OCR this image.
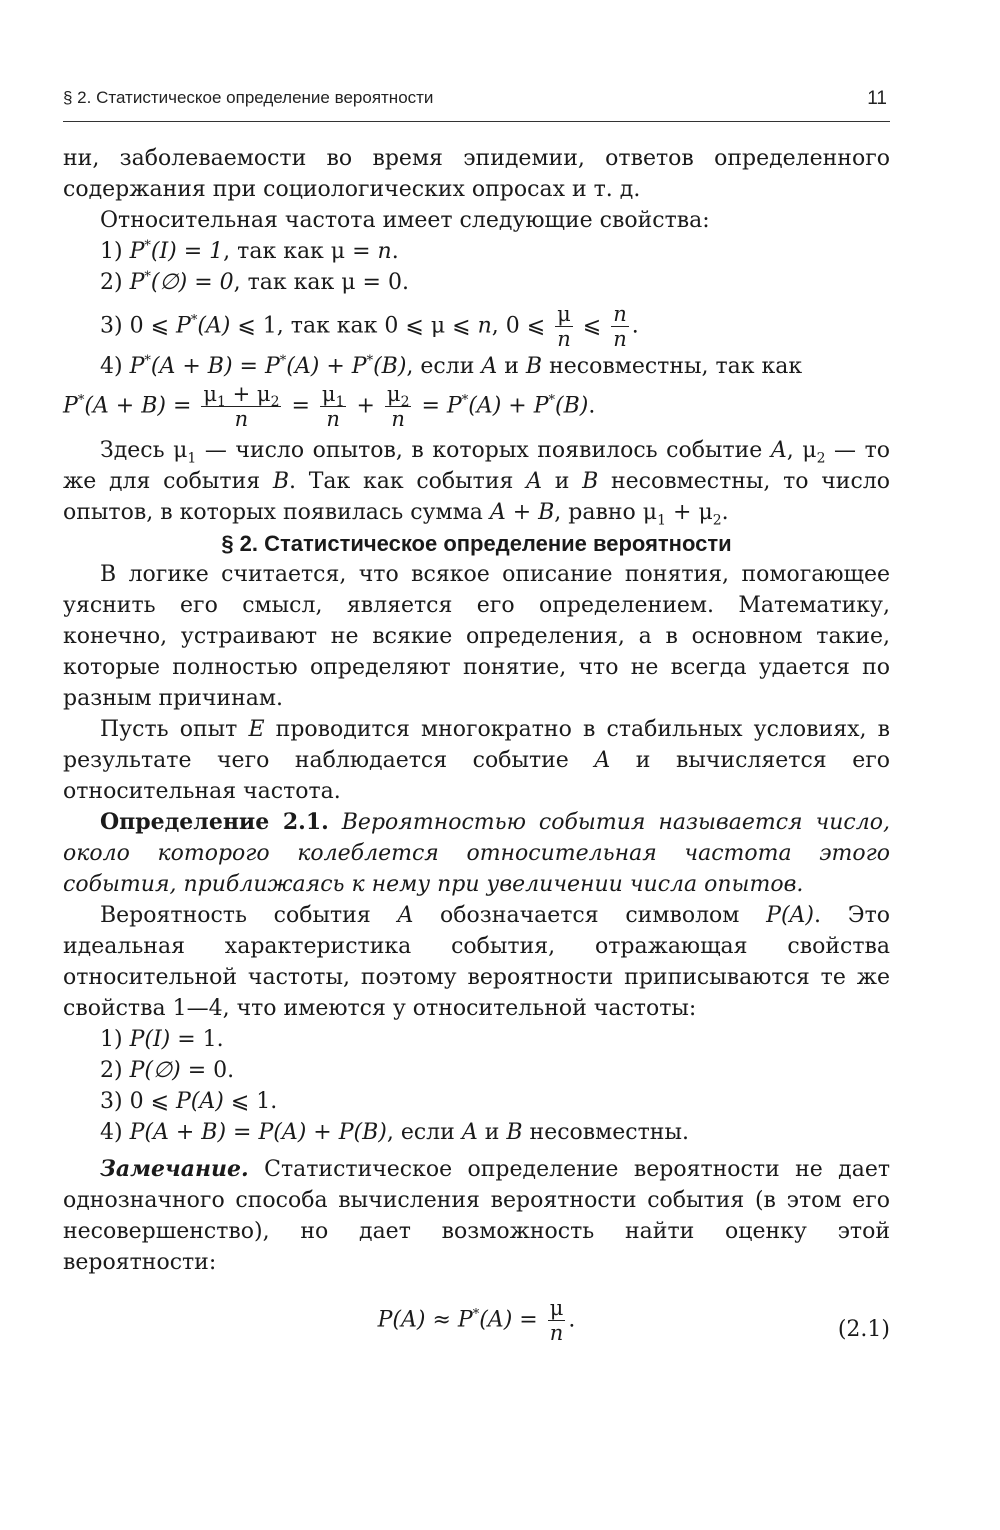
§ 2. Статистическое определение вероятности	11

ни, заболеваемости во время эпидемии, ответов определенного содержания при социологических опросах и т. д.

Относительная частота имеет следующие свойства:

1) P*(I) = 1, так как μ = n.

2) P*(∅) = 0, так как μ = 0.

3) 0 ⩽ P*(A) ⩽ 1, так как 0 ⩽ μ ⩽ n, 0 ⩽ $\frac{\mu}{n}$ ⩽ $\frac{n}{n}$ .

4) P*(A + B) = P*(A) + P*(B), если A и B несовместны, так как

$P^*(A + B) = \frac{\mu_1 + \mu_2}{n} = \frac{\mu_1}{n} + \frac{\mu_2}{n} = P^*(A) + P^*(B)$.

Здесь $\mu_1$ — число опытов, в которых появилось событие A, $\mu_2$ — то же для события B. Так как события A и B несовместны, то число опытов, в которых появилась сумма A + B, равно $\mu_1 + \mu_2$.

§ 2. Статистическое определение вероятности

В логике считается, что всякое описание понятия, помогающее уяснить его смысл, является его определением. Математику, конечно, устраивают не всякие определения, а в основном такие, которые полностью определяют понятие, что не всегда удается по разным причинам.

Пусть опыт E проводится многократно в стабильных условиях, в результате чего наблюдается событие A и вычисляется его относительная частота.

Определение 2.1. Вероятностью события называется число, около которого колеблется относительная частота этого события, приближаясь к нему при увеличении числа опытов.

Вероятность события A обозначается символом P(A). Это идеальная характеристика события, отражающая свойства относительной частоты, поэтому вероятности приписываются те же свойства 1—4, что имеются у относительной частоты:

1) P(I) = 1.

2) P(∅) = 0.

3) 0 ⩽ P(A) ⩽ 1.

4) P(A + B) = P(A) + P(B), если A и B несовместны.

Замечание. Статистическое определение вероятности не дает однозначного способа вычисления вероятности события (в этом его несовершенство), но дает возможность найти оценку этой вероятности:

$P(A) \approx P^*(A) = \frac{\mu}{n}$ .	(2.1)
